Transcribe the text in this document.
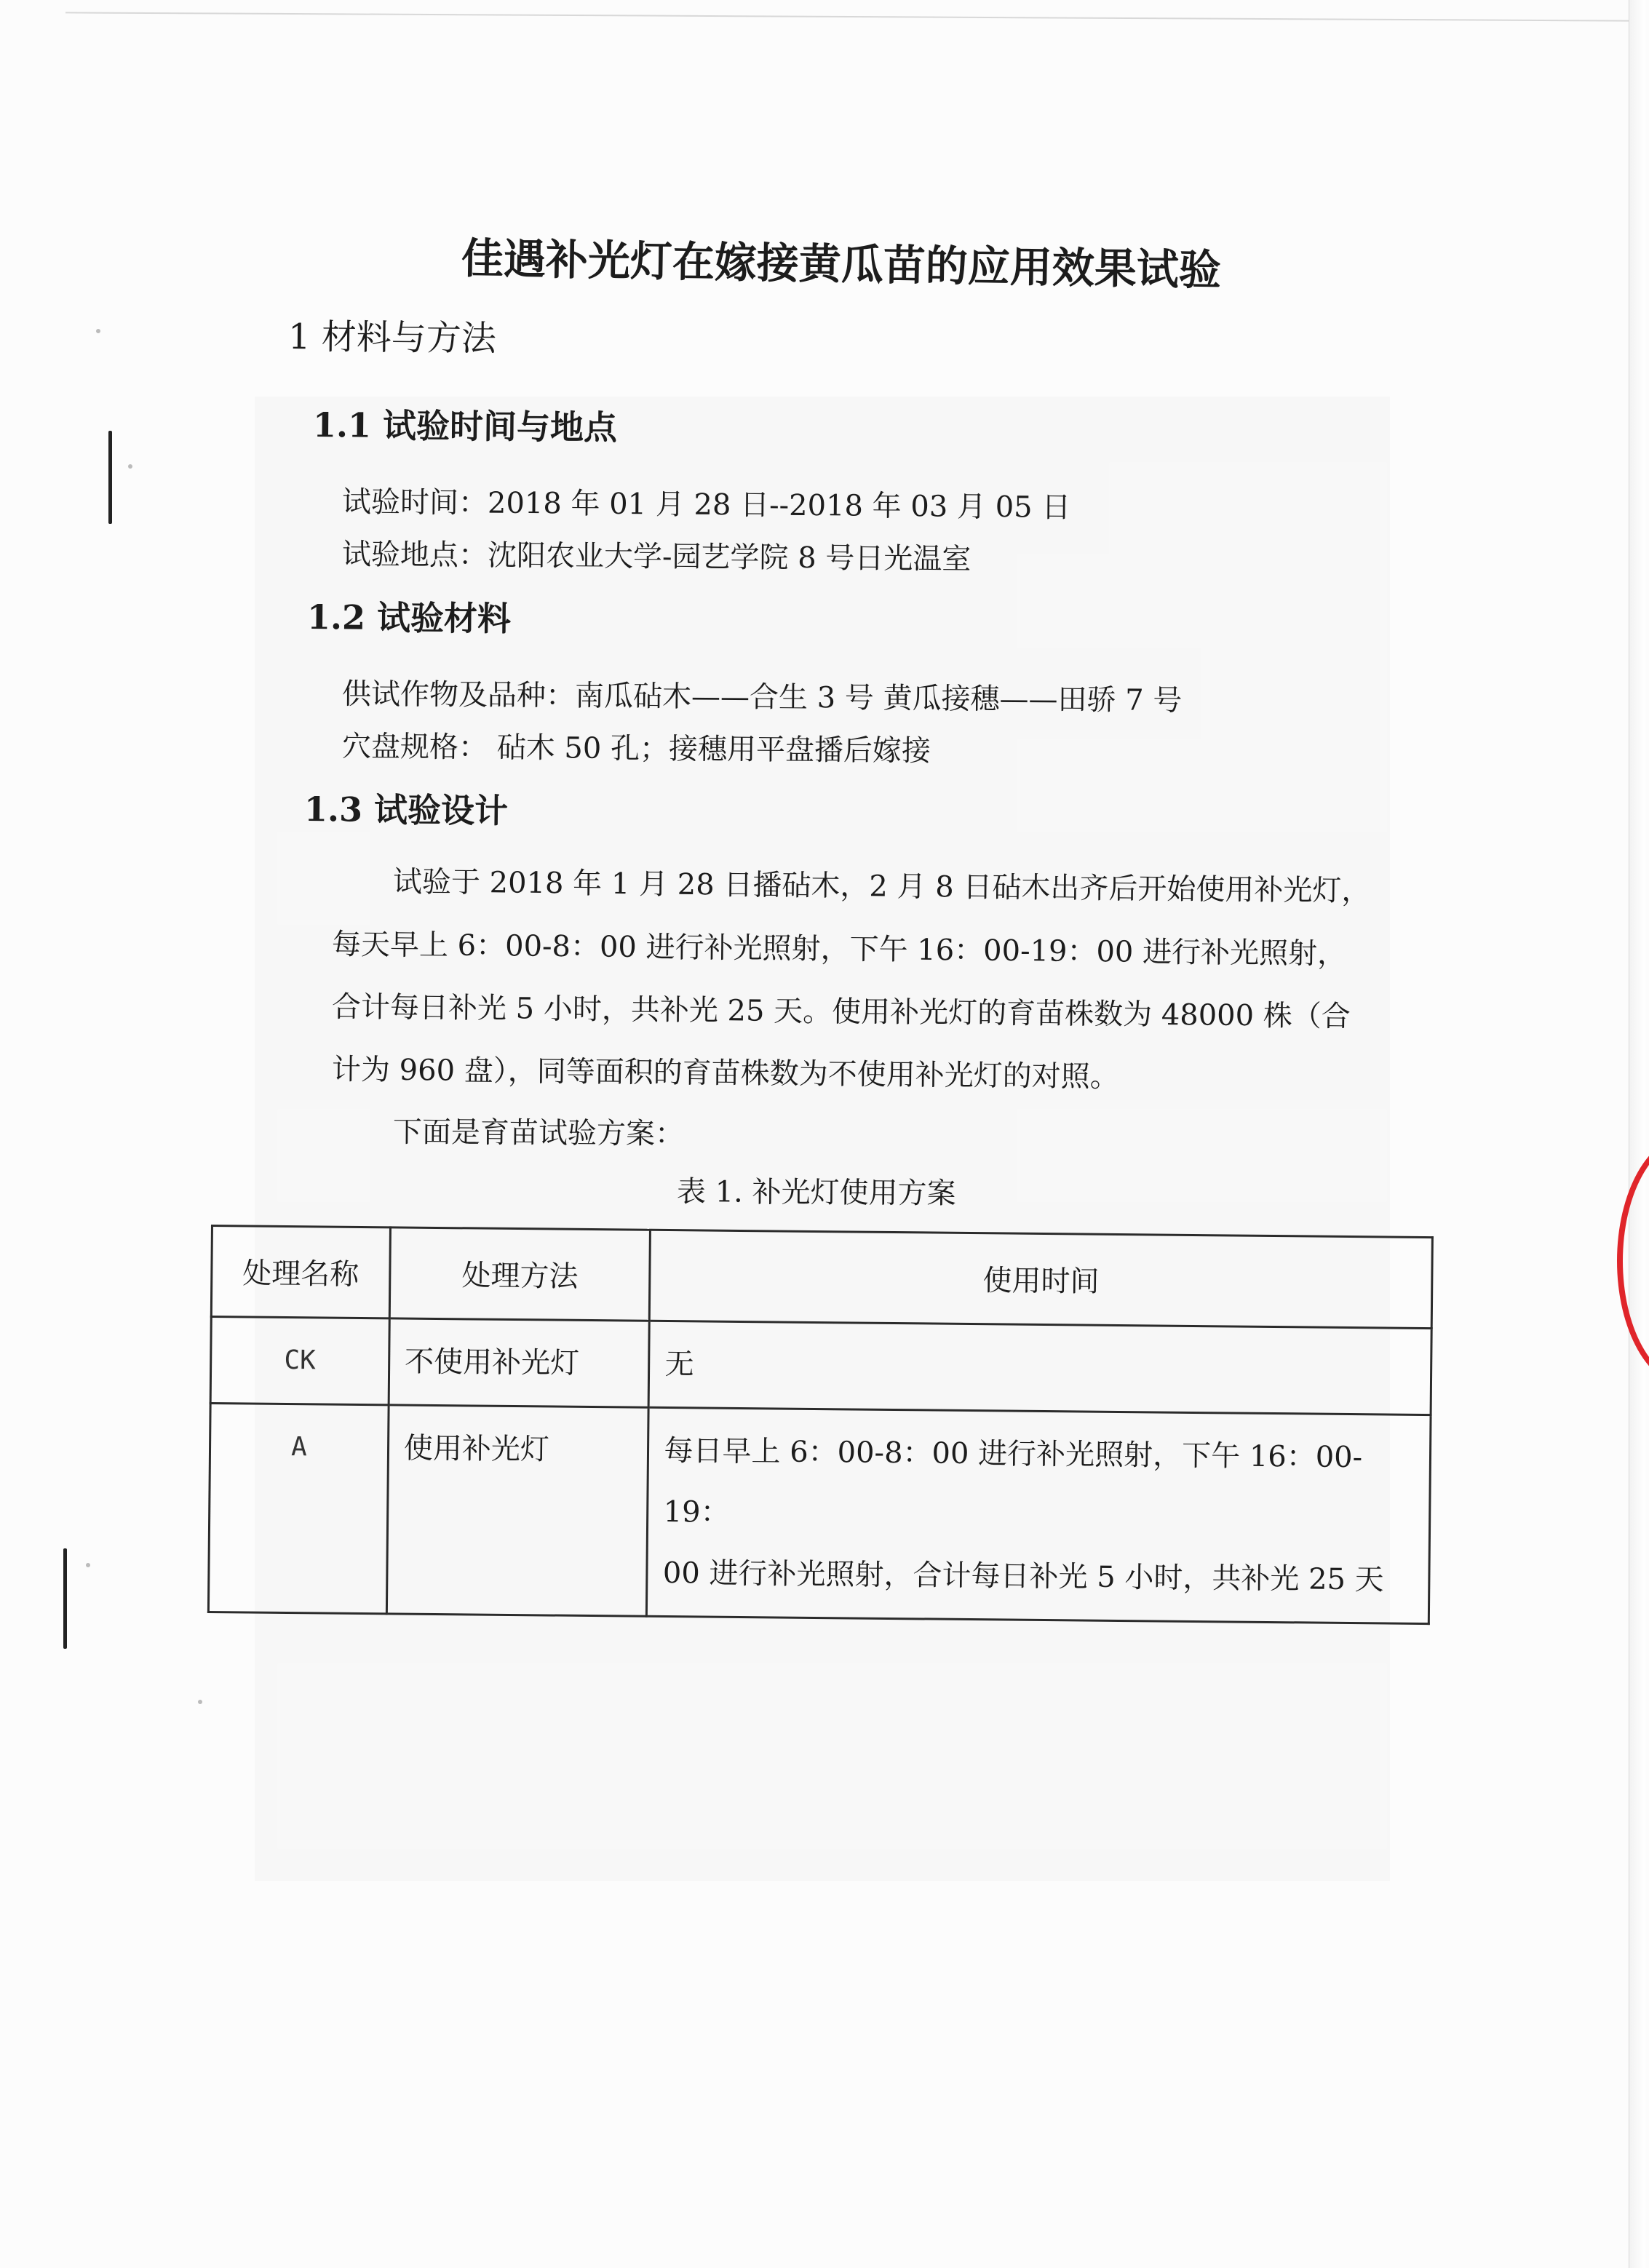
佳遇补光灯在嫁接黄瓜苗的应用效果试验
1 材料与方法
1.1 试验时间与地点
试验时间：2018 年 01 月 28 日--2018 年 03 月 05 日
试验地点：沈阳农业大学-园艺学院 8 号日光温室
1.2 试验材料
供试作物及品种：南瓜砧木——合生 3 号 黄瓜接穗——田骄 7 号
穴盘规格： 砧木 50 孔；接穗用平盘播后嫁接
1.3 试验设计
试验于 2018 年 1 月 28 日播砧木，2 月 8 日砧木出齐后开始使用补光灯，
每天早上 6：00-8：00 进行补光照射，下午 16：00-19：00 进行补光照射，
合计每日补光 5 小时，共补光 25 天。使用补光灯的育苗株数为 48000 株（合
计为 960 盘），同等面积的育苗株数为不使用补光灯的对照。
下面是育苗试验方案：
表 1. 补光灯使用方案
处理名称	处理方法	使用时间
CK	不使用补光灯	无
A	使用补光灯	每日早上 6：00-8：00 进行补光照射，下午 16：00-19：
00 进行补光照射，合计每日补光 5 小时，共补光 25 天
